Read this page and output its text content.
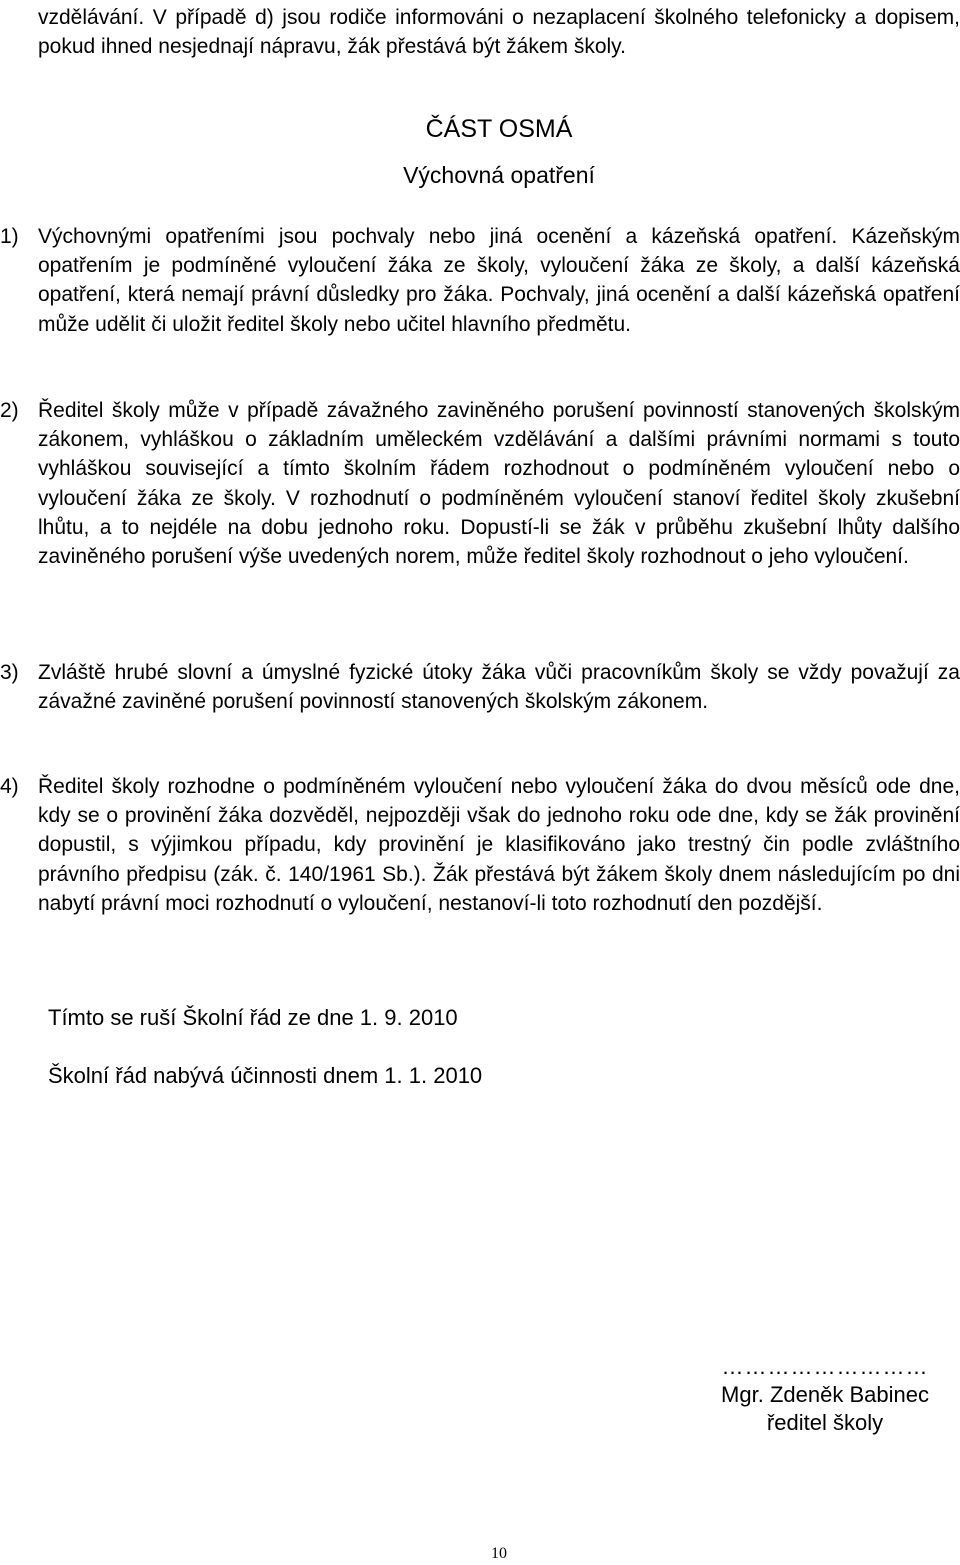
vzdělávání. V případě d) jsou rodiče informováni o nezaplacení školného telefonicky a dopisem, pokud ihned nesjednají nápravu, žák přestává být žákem školy.

ČÁST OSMÁ
Výchovná opatření
1) Výchovnými opatřeními jsou pochvaly nebo jiná ocenění a kázeňská opatření. Kázeňským opatřením je podmíněné vyloučení žáka ze školy, vyloučení žáka ze školy, a další kázeňská opatření, která nemají právní důsledky pro žáka. Pochvaly, jiná ocenění a další kázeňská opatření může udělit či uložit ředitel školy nebo učitel hlavního předmětu.

2) Ředitel školy může v případě závažného zaviněného porušení povinností stanovených školským zákonem, vyhláškou o základním uměleckém vzdělávání a dalšími právními normami s touto vyhláškou související a tímto školním řádem rozhodnout o podmíněném vyloučení nebo o vyloučení žáka ze školy. V rozhodnutí o podmíněném vyloučení stanoví ředitel školy zkušební lhůtu, a to nejdéle na dobu jednoho roku. Dopustí-li se žák v průběhu zkušební lhůty dalšího zaviněného porušení výše uvedených norem, může ředitel školy rozhodnout o jeho vyloučení.

3) Zvláště hrubé slovní a úmyslné fyzické útoky žáka vůči pracovníkům školy se vždy považují za závažné zaviněné porušení povinností stanovených školským zákonem.

4) Ředitel školy rozhodne o podmíněném vyloučení nebo vyloučení žáka do dvou měsíců ode dne, kdy se o provinění žáka dozvěděl, nejpozději však do jednoho roku ode dne, kdy se žák provinění dopustil, s výjimkou případu, kdy provinění je klasifikováno jako trestný čin podle zvláštního právního předpisu (zák. č. 140/1961 Sb.). Žák přestává být žákem školy dnem následujícím po dni nabytí právní moci rozhodnutí o vyloučení, nestanoví-li toto rozhodnutí den pozdější.

Tímto se ruší Školní řád ze dne 1. 9. 2010

Školní řád nabývá účinnosti dnem 1. 1. 2010

………………………

Mgr. Zdeněk Babinec

ředitel školy

10
